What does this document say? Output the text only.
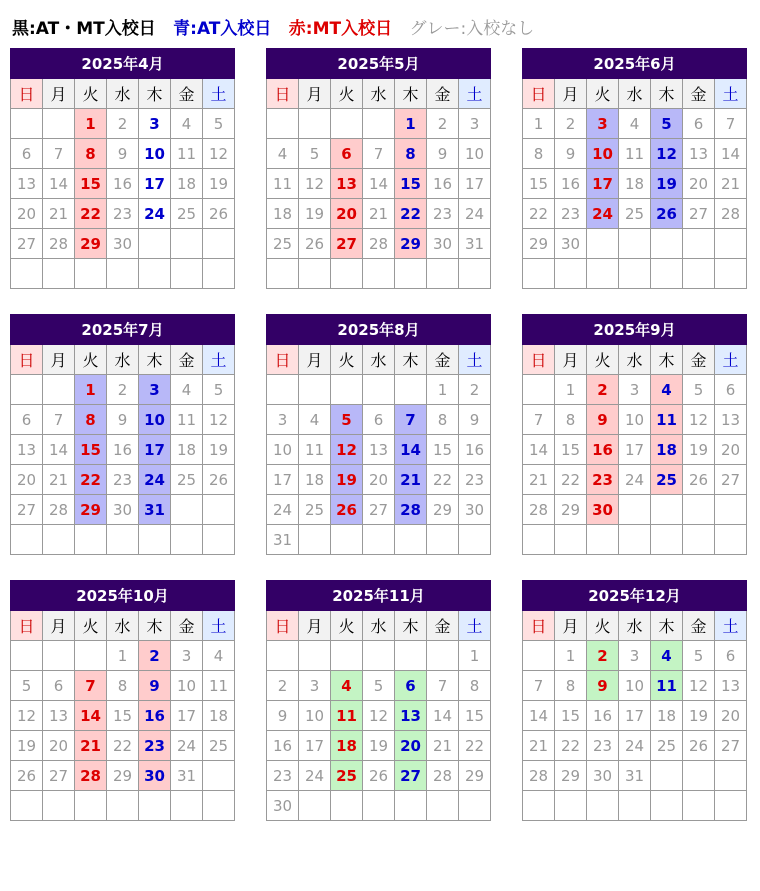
黒:AT・MT入校日 青:AT入校日 赤:MT入校日 グレー:入校なし
2025年4月						
日	月	火	水	木	金	土
		1	2	3	4	5
6	7	8	9	10	11	12
13	14	15	16	17	18	19
20	21	22	23	24	25	26
27	28	29	30			

2025年5月						
日	月	火	水	木	金	土
				1	2	3
4	5	6	7	8	9	10
11	12	13	14	15	16	17
18	19	20	21	22	23	24
25	26	27	28	29	30	31

2025年6月						
日	月	火	水	木	金	土
1	2	3	4	5	6	7
8	9	10	11	12	13	14
15	16	17	18	19	20	21
22	23	24	25	26	27	28
29	30					

2025年7月						
日	月	火	水	木	金	土
		1	2	3	4	5
6	7	8	9	10	11	12
13	14	15	16	17	18	19
20	21	22	23	24	25	26
27	28	29	30	31		

2025年8月						
日	月	火	水	木	金	土
					1	2
3	4	5	6	7	8	9
10	11	12	13	14	15	16
17	18	19	20	21	22	23
24	25	26	27	28	29	30
31						
2025年9月						
日	月	火	水	木	金	土
	1	2	3	4	5	6
7	8	9	10	11	12	13
14	15	16	17	18	19	20
21	22	23	24	25	26	27
28	29	30				

2025年10月						
日	月	火	水	木	金	土
			1	2	3	4
5	6	7	8	9	10	11
12	13	14	15	16	17	18
19	20	21	22	23	24	25
26	27	28	29	30	31	

2025年11月						
日	月	火	水	木	金	土
						1
2	3	4	5	6	7	8
9	10	11	12	13	14	15
16	17	18	19	20	21	22
23	24	25	26	27	28	29
30						
2025年12月						
日	月	火	水	木	金	土
	1	2	3	4	5	6
7	8	9	10	11	12	13
14	15	16	17	18	19	20
21	22	23	24	25	26	27
28	29	30	31			
